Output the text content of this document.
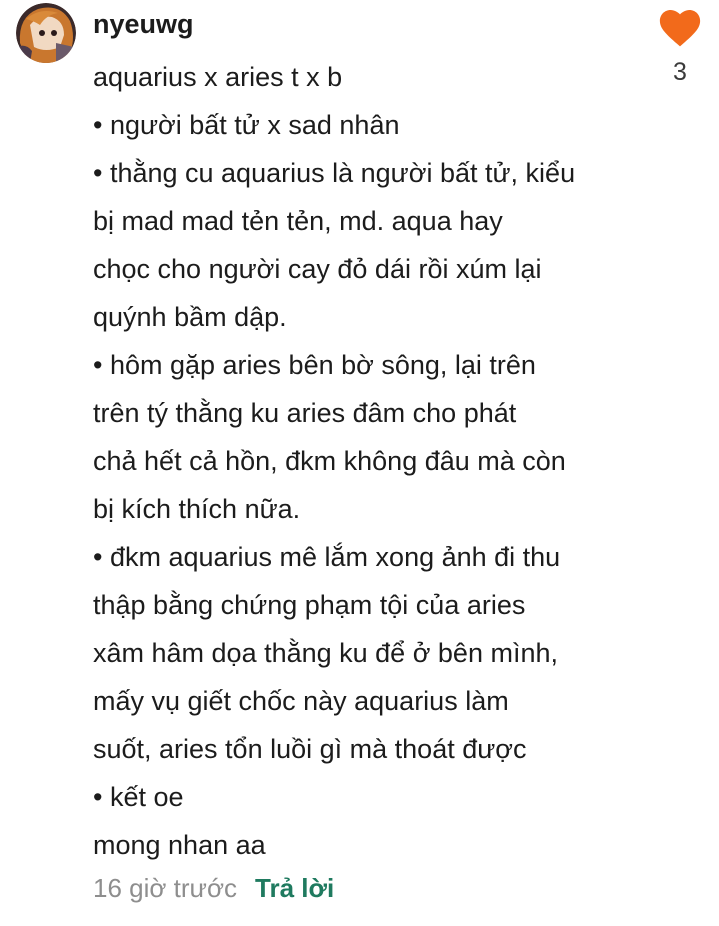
nyeuwg
aquarius x aries t x b
• người bất tử x sad nhân
• thằng cu aquarius là người bất tử, kiểu
bị mad mad tẻn tẻn, md. aqua hay
chọc cho người cay đỏ dái rồi xúm lại
quýnh bầm dập.
• hôm gặp aries bên bờ sông, lại trên
trên tý thằng ku aries đâm cho phát
chả hết cả hồn, đkm không đâu mà còn
bị kích thích nữa.
• đkm aquarius mê lắm xong ảnh đi thu
thập bằng chứng phạm tội của aries
xâm hâm dọa thằng ku để ở bên mình,
mấy vụ giết chốc này aquarius làm
suốt, aries tổn luồi gì mà thoát được
• kết oe
mong nhan aa
3
16 giờ trước Trả lời
